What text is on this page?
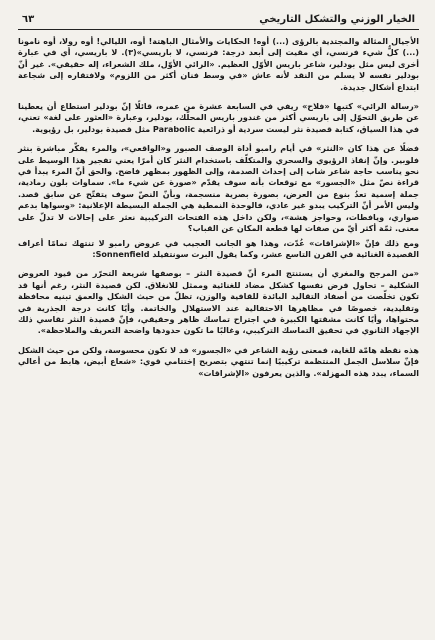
الخيار الوزني والتشكل التاريخي
٦٣

الأجيال المثالة والمجتدية بالرؤى (...) أوه! الحكايات والأمثال الباهتة! أوه، الليالي! أوه رولا، أوه نامونا (...) كلُّ شيء فرنسي، أي مقيت إلى أبعد درجة: فرنسي، لا باريسي»(٣). لا باريسي، أي في عبارة أخرى ليس مثل بودلير، شاعر باريس الأوّل العظيم. «الرائي الأوّل، ملك الشعراء، إله حقيقي». غير أنّ بودلير نفسه لا يسلم من النقد لأنه عاش «في وسط فنان أكثر من اللزوم» ولافتقاره إلى شجاعة ابتداع أشكال جديدة.

«رسالة الرائي» كتبها «فلاح» ريفي في السابعة عشرة من عمره، قائلًا إنّ بودلير استطاع أن يعطينا عن طريق التحوّل إلى باريسي أكثر من غندور باريس المحلّك، بودلير، وعبارة «العثور على لغة» تعني، في هذا السياق، كتابة قصيدة نثر ليست سردية أو ذرائعية Parabolic مثل قصيدة بودلير، بل رؤيوية.

فضلًا عن هذا كان «النثر» في أيام رامبو أداة الوصف الصبور و«الواقعي»، والمرء يفكّر مباشرة بنثر فلوبير. وإنّ إنقاذ الرؤيوي والسحري والمتكلّف باستخدام النثر كان أمرًا يعني تفجير هذا الوسيط على نحو يناسب حاجة شاعر شاب إلى إحداث الصدمة، وإلى الظهور بمظهر فاضح. والحق أنّ المرء يبدأ في قراءة نصّ مثل «الجسور» مع توقعات بأنه سوف يقدّم «صورة عن شيء ما». سماوات بلون رمادية، جملة إسمية تعدُ بنوع من العرض، بصورة بصرية منسجمة، وبأنّ النصّ سوف يتفتّح عن سابق قصد. وليس الأمر أنّ التركيب يبدو غير عادي، فالوحدة النمطية هي الجملة البسيطة الإعلانية: «وسواها بدعم صواري، ويافطات، وحواجز هشة»، ولكن داخل هذه الفتحات التركيبية نعثر على إحالات لا تدلّ على معنى. ثمّة أكثر أيّ من صفات لها قطعة المكان عن القباب؟

ومع ذلك فإنّ «الإشراقات» عُدّت، وهذا هو الجانب العجيب في عروض رامبو لا تنتهك تمامًا أعراف القصيدة الغنائية في القرن التاسع عشر، وكما يقول البرت سونتفيلد Sonnenfield:

«من المرجح والمغري أن يستنتج المرء أنّ قصيدة النثر – بوصفها شريعة التحرّر من قيود العروض الشكلية – تحاول فرض نفسها كشكل مضاد للغنائية وممثل للانغلاق. لكن قصيدة النثر، رغم أنها قد تكون تخلّصت من أصفاد التقاليد البائدة للقافية والوزن، تظلّ من حيث الشكل والعمق تبنيه محافظة وتقليدية، خصوصًا في مظاهرها الاحتفالية عند الاستهلال والخاتمة. وأيًا كانت درجة الجذرية في محتواها، وأيًا كانت مشقتها الكبيرة في اجتراح تماسك ظاهر وحقيقي، فإنّ قصيدة النثر تقاسي ذلك الإجهاد الثانوي في تحقيق التماسك التركيبي، وغالبًا ما تكون حدودها واضحة التعريف والملاحظة».

هذه نقطة هامّة للغاية، فمعنى رؤية الشاعر في «الجسور» قد لا تكون محسوسة، ولكن من حيث الشكل فإنّ سلاسل الجمل المنتظمة تركيبيًا إنما تنتهي بتصريح إختتامي قوي: «شعاع أبيض، هابط من أعالي السماء، يبدد هذه المهزلة». والذين يعرفون «الإشراقات»
